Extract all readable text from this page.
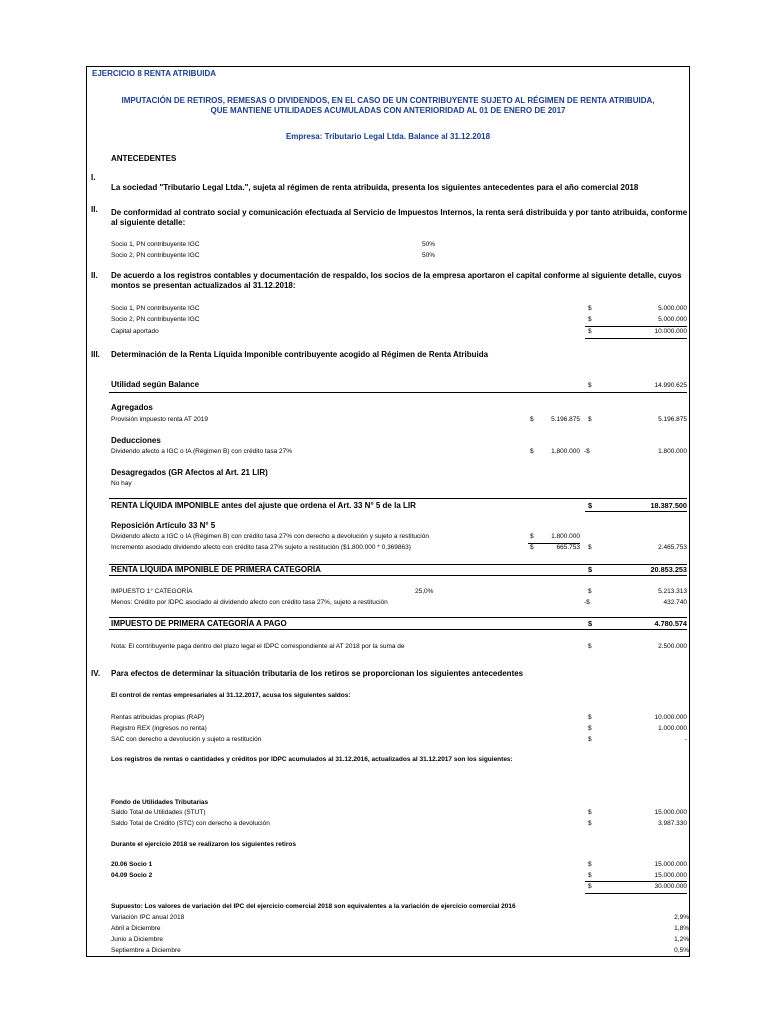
EJERCICIO 8 RENTA ATRIBUIDA
IMPUTACIÓN DE RETIROS, REMESAS O DIVIDENDOS, EN EL CASO DE UN CONTRIBUYENTE SUJETO AL RÉGIMEN DE RENTA ATRIBUIDA,
QUE MANTIENE UTILIDADES ACUMULADAS CON ANTERIORIDAD AL 01 DE ENERO DE 2017
Empresa: Tributario Legal Ltda. Balance al 31.12.2018
ANTECEDENTES
I.
La sociedad "Tributario Legal Ltda.", sujeta al régimen de renta atribuida, presenta los siguientes antecedentes para el año comercial 2018
II. De conformidad al contrato social y comunicación efectuada al Servicio de Impuestos Internos, la renta será distribuida y por tanto atribuida, conforme
al siguiente detalle:
Socio 1, PN contribuyente IGC	50%
Socio 2, PN contribuyente IGC	50%
II. De acuerdo a los registros contables y documentación de respaldo, los socios de la empresa aportaron el capital conforme al siguiente detalle, cuyos
montos se presentan actualizados al 31.12.2018:
Socio 1, PN contribuyente IGC	$	5.000.000
Socio 2, PN contribuyente IGC	$	5.000.000
Capital aportado	$	10.000.000
III. Determinación de la Renta Líquida Imponible contribuyente acogido al Régimen de Renta Atribuida
Utilidad según Balance	$	14.990.625
Agregados
Provisión impuesto renta AT 2019	$	5.196.875 $	5.196.875
Deducciones
Dividendo afecto a IGC o IA (Régimen B) con crédito tasa 27%	$	1.800.000 -$	1.800.000
Desagregados (GR Afectos al Art. 21 LIR)
No hay
RENTA LÍQUIDA IMPONIBLE antes del ajuste que ordena el Art. 33 N° 5 de la LIR	$	18.387.500
Reposición Artículo 33 N° 5
Dividendo afecto a IGC o IA (Régimen B) con crédito tasa 27% con derecho a devolución y sujeto a restitución	$	1.800.000
Incremento asociado dividendo afecto con crédito tasa 27% sujeto a restitución ($1.800.000 * 0,369863)	$	665.753 $	2.465.753
RENTA LÍQUIDA IMPONIBLE DE PRIMERA CATEGORÍA	$	20.853.253
IMPUESTO 1° CATEGORÍA	25,0%	$	5.213.313
Menos: Crédito por IDPC asociado al dividendo afecto con crédito tasa 27%, sujeto a restitución	-$	432.740
IMPUESTO DE PRIMERA CATEGORÍA A PAGO	$	4.780.574
Nota: El contribuyente paga dentro del plazo legal el IDPC correspondiente al AT 2018 por la suma de	$	2.500.000
IV. Para efectos de determinar la situación tributaria de los retiros se proporcionan los siguientes antecedentes
El control de rentas empresariales al 31.12.2017, acusa los siguientes saldos:
Rentas atribuidas propias (RAP)	$	10.000.000
Registro REX (ingresos no renta)	$	1.000.000
SAC con derecho a devolución y sujeto a restitución	$	-
Los registros de rentas o cantidades y créditos por IDPC acumulados al 31.12.2016, actualizados al 31.12.2017 son los siguientes:
Fondo de Utilidades Tributarias
Saldo Total de Utilidades (STUT)	$	15.000.000
Saldo Total de Crédito (STC) con derecho a devolución	$	3.987.330
Durante el ejercicio 2018 se realizaron los siguientes retiros
20.06 Socio 1	$	15.000.000
04.09 Socio 2	$	15.000.000
$	30.000.000
Supuesto: Los valores de variación del IPC del ejercicio comercial 2018 son equivalentes a la variación de ejercicio comercial 2016
Variación IPC anual 2018	2,9%
Abril a Diciembre	1,8%
Junio a Diciembre	1,2%
Septiembre a Diciembre	0,5%
